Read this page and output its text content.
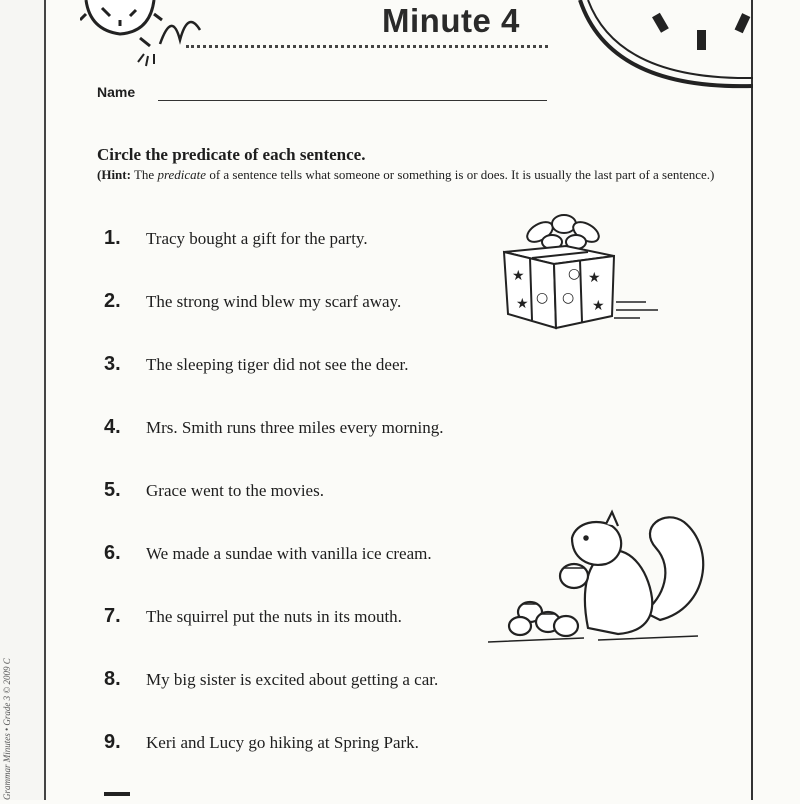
Grammar Minutes • Grade 3 © 2009 C
Minute 4
Name
Circle the predicate of each sentence.
(Hint: The predicate of a sentence tells what someone or something is or does. It is usually the last part of a sentence.)
1.	Tracy bought a gift for the party.
2.	The strong wind blew my scarf away.
3.	The sleeping tiger did not see the deer.
4.	Mrs. Smith runs three miles every morning.
5.	Grace went to the movies.
6.	We made a sundae with vanilla ice cream.
7.	The squirrel put the nuts in its mouth.
8.	My big sister is excited about getting a car.
9.	Keri and Lucy go hiking at Spring Park.
★
○
★
★
○ ★
○
